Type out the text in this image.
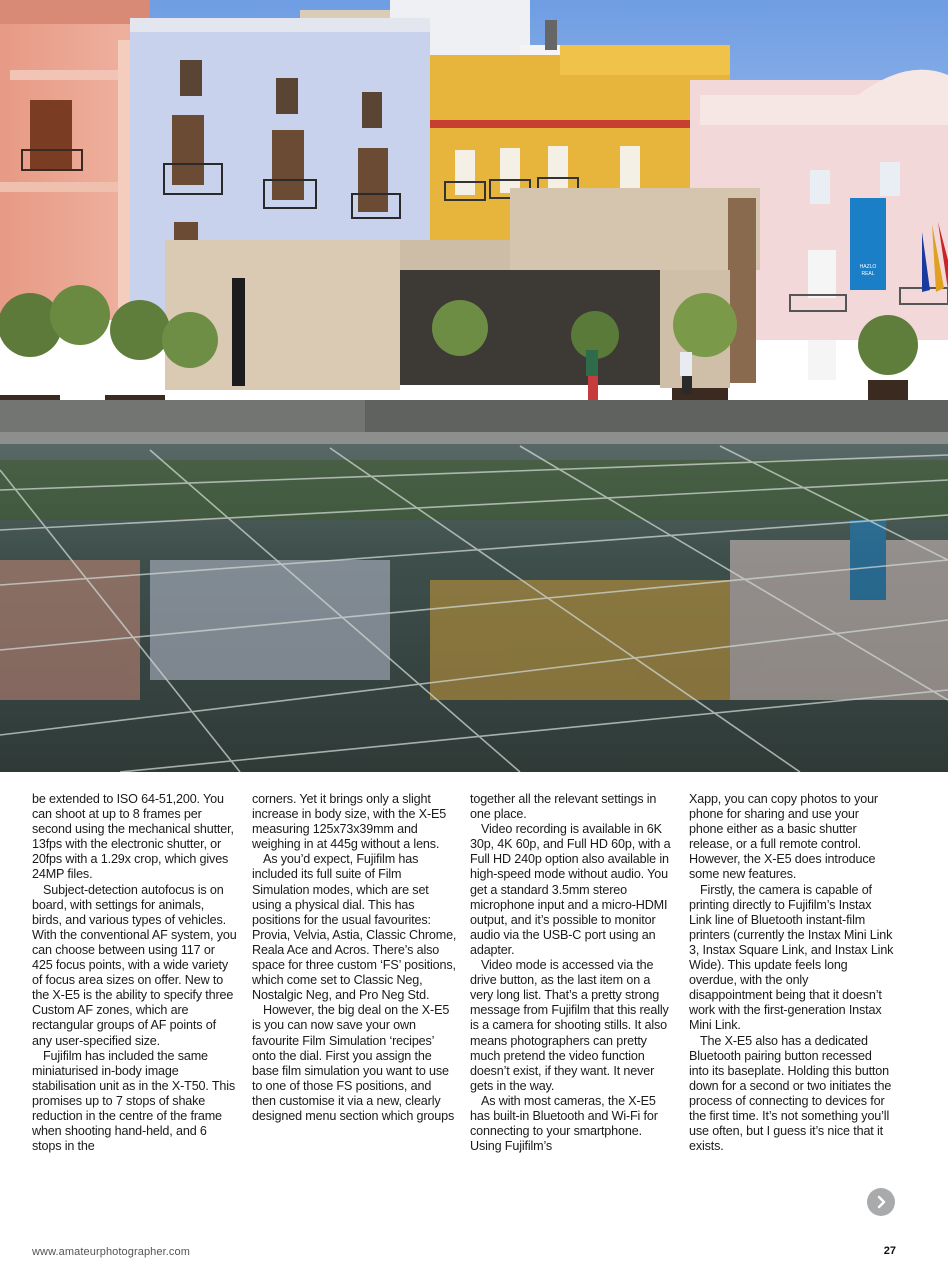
HAZLO
REAL

be extended to ISO 64-51,200. You can shoot at up to 8 frames per second using the mechanical shutter, 13fps with the electronic shutter, or 20fps with a 1.29x crop, which gives 24MP files.

Subject-detection autofocus is on board, with settings for animals, birds, and various types of vehicles. With the conventional AF system, you can choose between using 117 or 425 focus points, with a wide variety of focus area sizes on offer. New to the X-E5 is the ability to specify three Custom AF zones, which are rectangular groups of AF points of any user-specified size.

Fujifilm has included the same miniaturised in-body image stabilisation unit as in the X-T50. This promises up to 7 stops of shake reduction in the centre of the frame when shooting hand-held, and 6 stops in the

corners. Yet it brings only a slight increase in body size, with the X-E5 measuring 125x73x39mm and weighing in at 445g without a lens.

As you’d expect, Fujifilm has included its full suite of Film Simulation modes, which are set using a physical dial. This has positions for the usual favourites: Provia, Velvia, Astia, Classic Chrome, Reala Ace and Acros. There’s also space for three custom ‘FS’ positions, which come set to Classic Neg, Nostalgic Neg, and Pro Neg Std.

However, the big deal on the X-E5 is you can now save your own favourite Film Simulation ‘recipes’ onto the dial. First you assign the base film simulation you want to use to one of those FS positions, and then customise it via a new, clearly designed menu section which groups

together all the relevant settings in one place.

Video recording is available in 6K 30p, 4K 60p, and Full HD 60p, with a Full HD 240p option also available in high-speed mode without audio. You get a standard 3.5mm stereo microphone input and a micro-HDMI output, and it’s possible to monitor audio via the USB-C port using an adapter.

Video mode is accessed via the drive button, as the last item on a very long list. That’s a pretty strong message from Fujifilm that this really is a camera for shooting stills. It also means photographers can pretty much pretend the video function doesn’t exist, if they want. It never gets in the way.

As with most cameras, the X-E5 has built-in Bluetooth and Wi-Fi for connecting to your smartphone. Using Fujifilm’s

Xapp, you can copy photos to your phone for sharing and use your phone either as a basic shutter release, or a full remote control. However, the X-E5 does introduce some new features.

Firstly, the camera is capable of printing directly to Fujifilm’s Instax Link line of Bluetooth instant-film printers (currently the Instax Mini Link 3, Instax Square Link, and Instax Link Wide). This update feels long overdue, with the only disappointment being that it doesn’t work with the first-generation Instax Mini Link.

The X-E5 also has a dedicated Bluetooth pairing button recessed into its baseplate. Holding this button down for a second or two initiates the process of connecting to devices for the first time. It’s not something you’ll use often, but I guess it’s nice that it exists.

www.amateurphotographer.com	27
